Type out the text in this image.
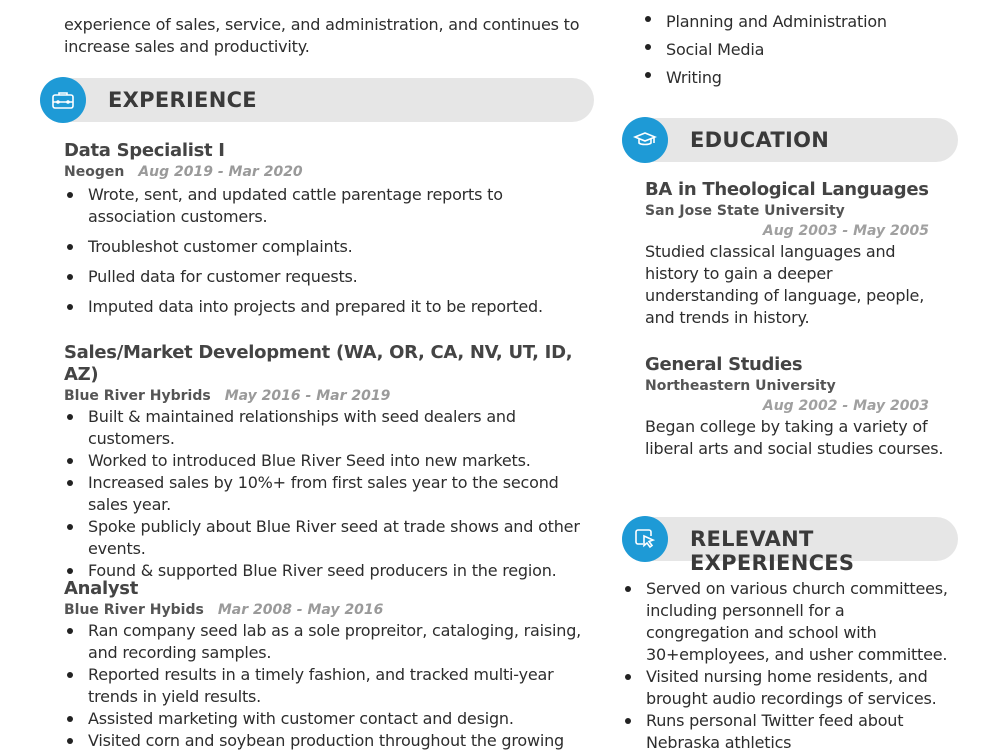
experience of sales, service, and administration, and continues to
increase sales and productivity.
Planning and Administration
Social Media
Writing
EXPERIENCE
Data Specialist I
Neogen Aug 2019 - Mar 2020
Wrote, sent, and updated cattle parentage reports to association customers.
Troubleshot customer complaints.
Pulled data for customer requests.
Imputed data into projects and prepared it to be reported.
Sales/Market Development (WA, OR, CA, NV, UT, ID, AZ)
Blue River Hybrids May 2016 - Mar 2019
Built & maintained relationships with seed dealers and customers.
Worked to introduced Blue River Seed into new markets.
Increased sales by 10%+ from first sales year to the second sales year.
Spoke publicly about Blue River seed at trade shows and other events.
Found & supported Blue River seed producers in the region.
Analyst
Blue River Hybids Mar 2008 - May 2016
Ran company seed lab as a sole propreitor, cataloging, raising, and recording samples.
Reported results in a timely fashion, and tracked multi-year trends in yield results.
Assisted marketing with customer contact and design.
Visited corn and soybean production throughout the growing
EDUCATION
BA in Theological Languages
San Jose State University
Aug 2003 - May 2005
Studied classical languages and history to gain a deeper understanding of language, people, and trends in history.
General Studies
Northeastern University
Aug 2002 - May 2003
Began college by taking a variety of liberal arts and social studies courses.
RELEVANT EXPERIENCES
Served on various church committees, including personnell for a congregation and school with 30+employees, and usher committee.
Visited nursing home residents, and brought audio recordings of services.
Runs personal Twitter feed about Nebraska athletics
